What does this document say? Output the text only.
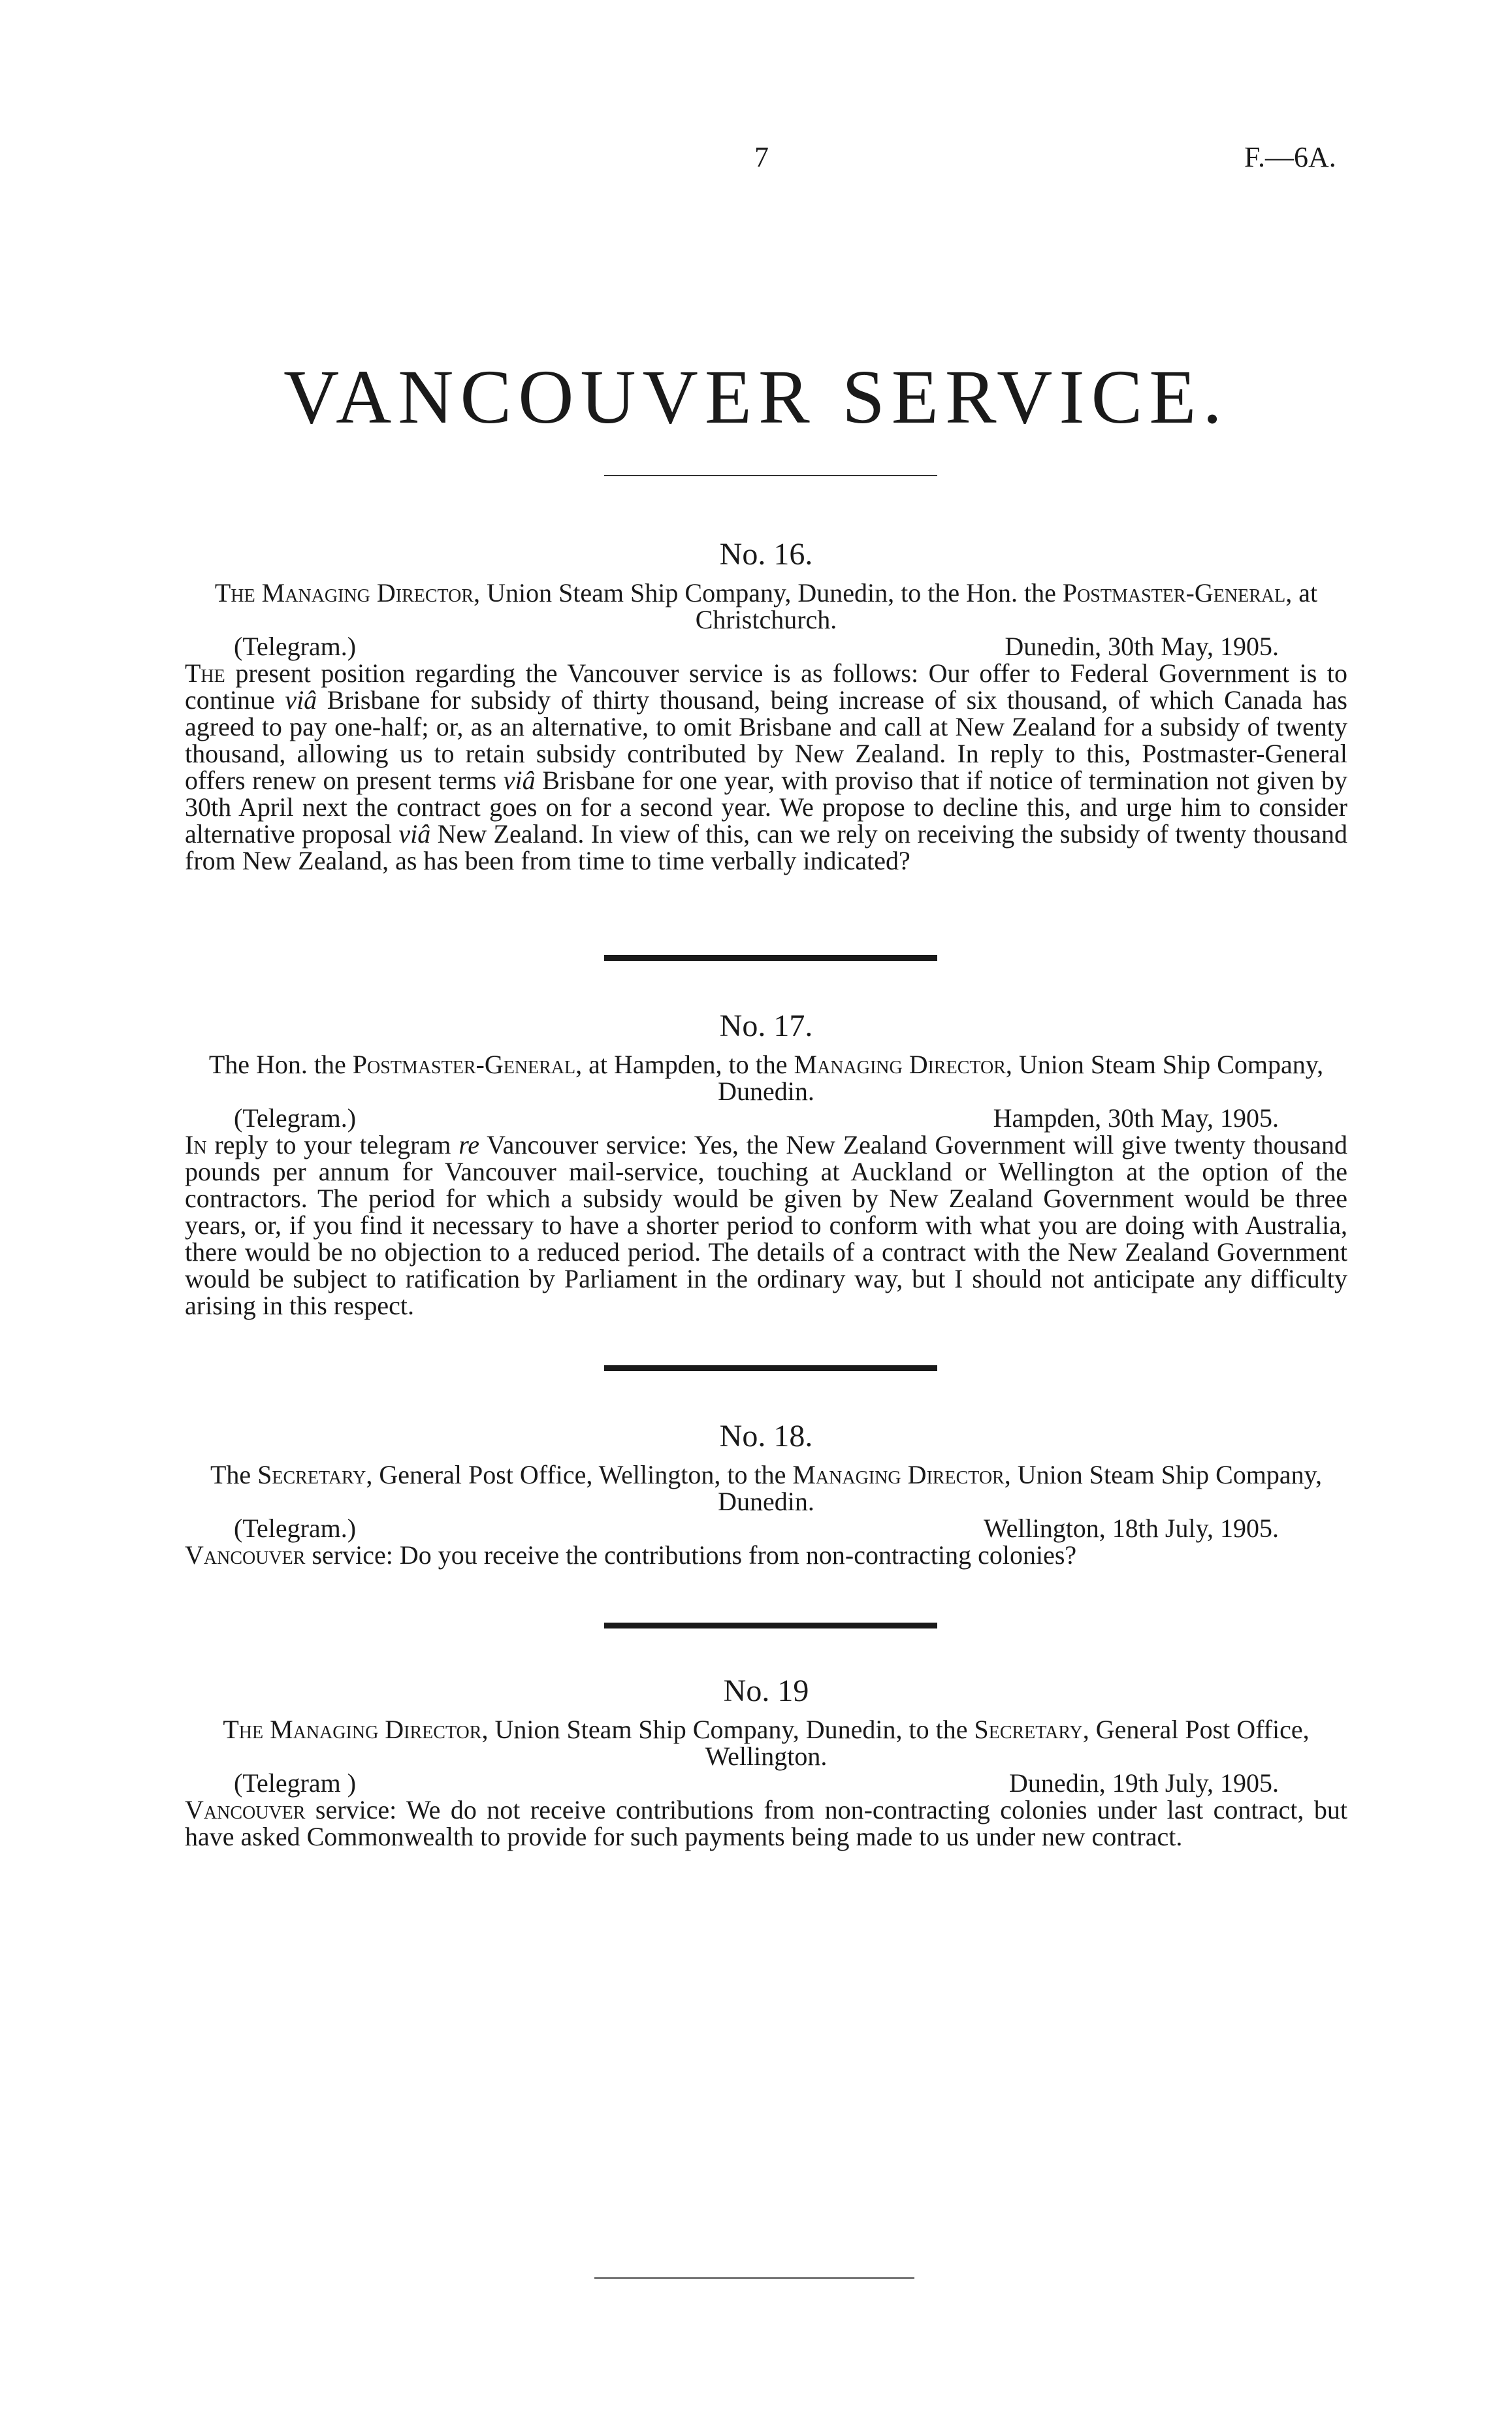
7	F.—6A.
VANCOUVER SERVICE.
No. 16.
The Managing Director, Union Steam Ship Company, Dunedin, to the Hon. the Postmaster-General, at Christchurch.
(Telegram.)	Dunedin, 30th May, 1905.
The present position regarding the Vancouver service is as follows: Our offer to Federal Government is to continue viâ Brisbane for subsidy of thirty thousand, being increase of six thousand, of which Canada has agreed to pay one-half; or, as an alternative, to omit Brisbane and call at New Zealand for a subsidy of twenty thousand, allowing us to retain subsidy contributed by New Zealand. In reply to this, Postmaster-General offers renew on present terms viâ Brisbane for one year, with proviso that if notice of termination not given by 30th April next the contract goes on for a second year. We propose to decline this, and urge him to consider alternative proposal viâ New Zealand. In view of this, can we rely on receiving the subsidy of twenty thousand from New Zealand, as has been from time to time verbally indicated?
No. 17.
The Hon. the Postmaster-General, at Hampden, to the Managing Director, Union Steam Ship Company, Dunedin.
(Telegram.)	Hampden, 30th May, 1905.
In reply to your telegram re Vancouver service: Yes, the New Zealand Government will give twenty thousand pounds per annum for Vancouver mail-service, touching at Auckland or Wellington at the option of the contractors. The period for which a subsidy would be given by New Zealand Government would be three years, or, if you find it necessary to have a shorter period to conform with what you are doing with Australia, there would be no objection to a reduced period. The details of a contract with the New Zealand Government would be subject to ratification by Parliament in the ordinary way, but I should not anticipate any difficulty arising in this respect.
No. 18.
The Secretary, General Post Office, Wellington, to the Managing Director, Union Steam Ship Company, Dunedin.
(Telegram.)	Wellington, 18th July, 1905.
Vancouver service: Do you receive the contributions from non-contracting colonies?
No. 19
The Managing Director, Union Steam Ship Company, Dunedin, to the Secretary, General Post Office, Wellington.
(Telegram )	Dunedin, 19th July, 1905.
Vancouver service: We do not receive contributions from non-contracting colonies under last contract, but have asked Commonwealth to provide for such payments being made to us under new contract.
